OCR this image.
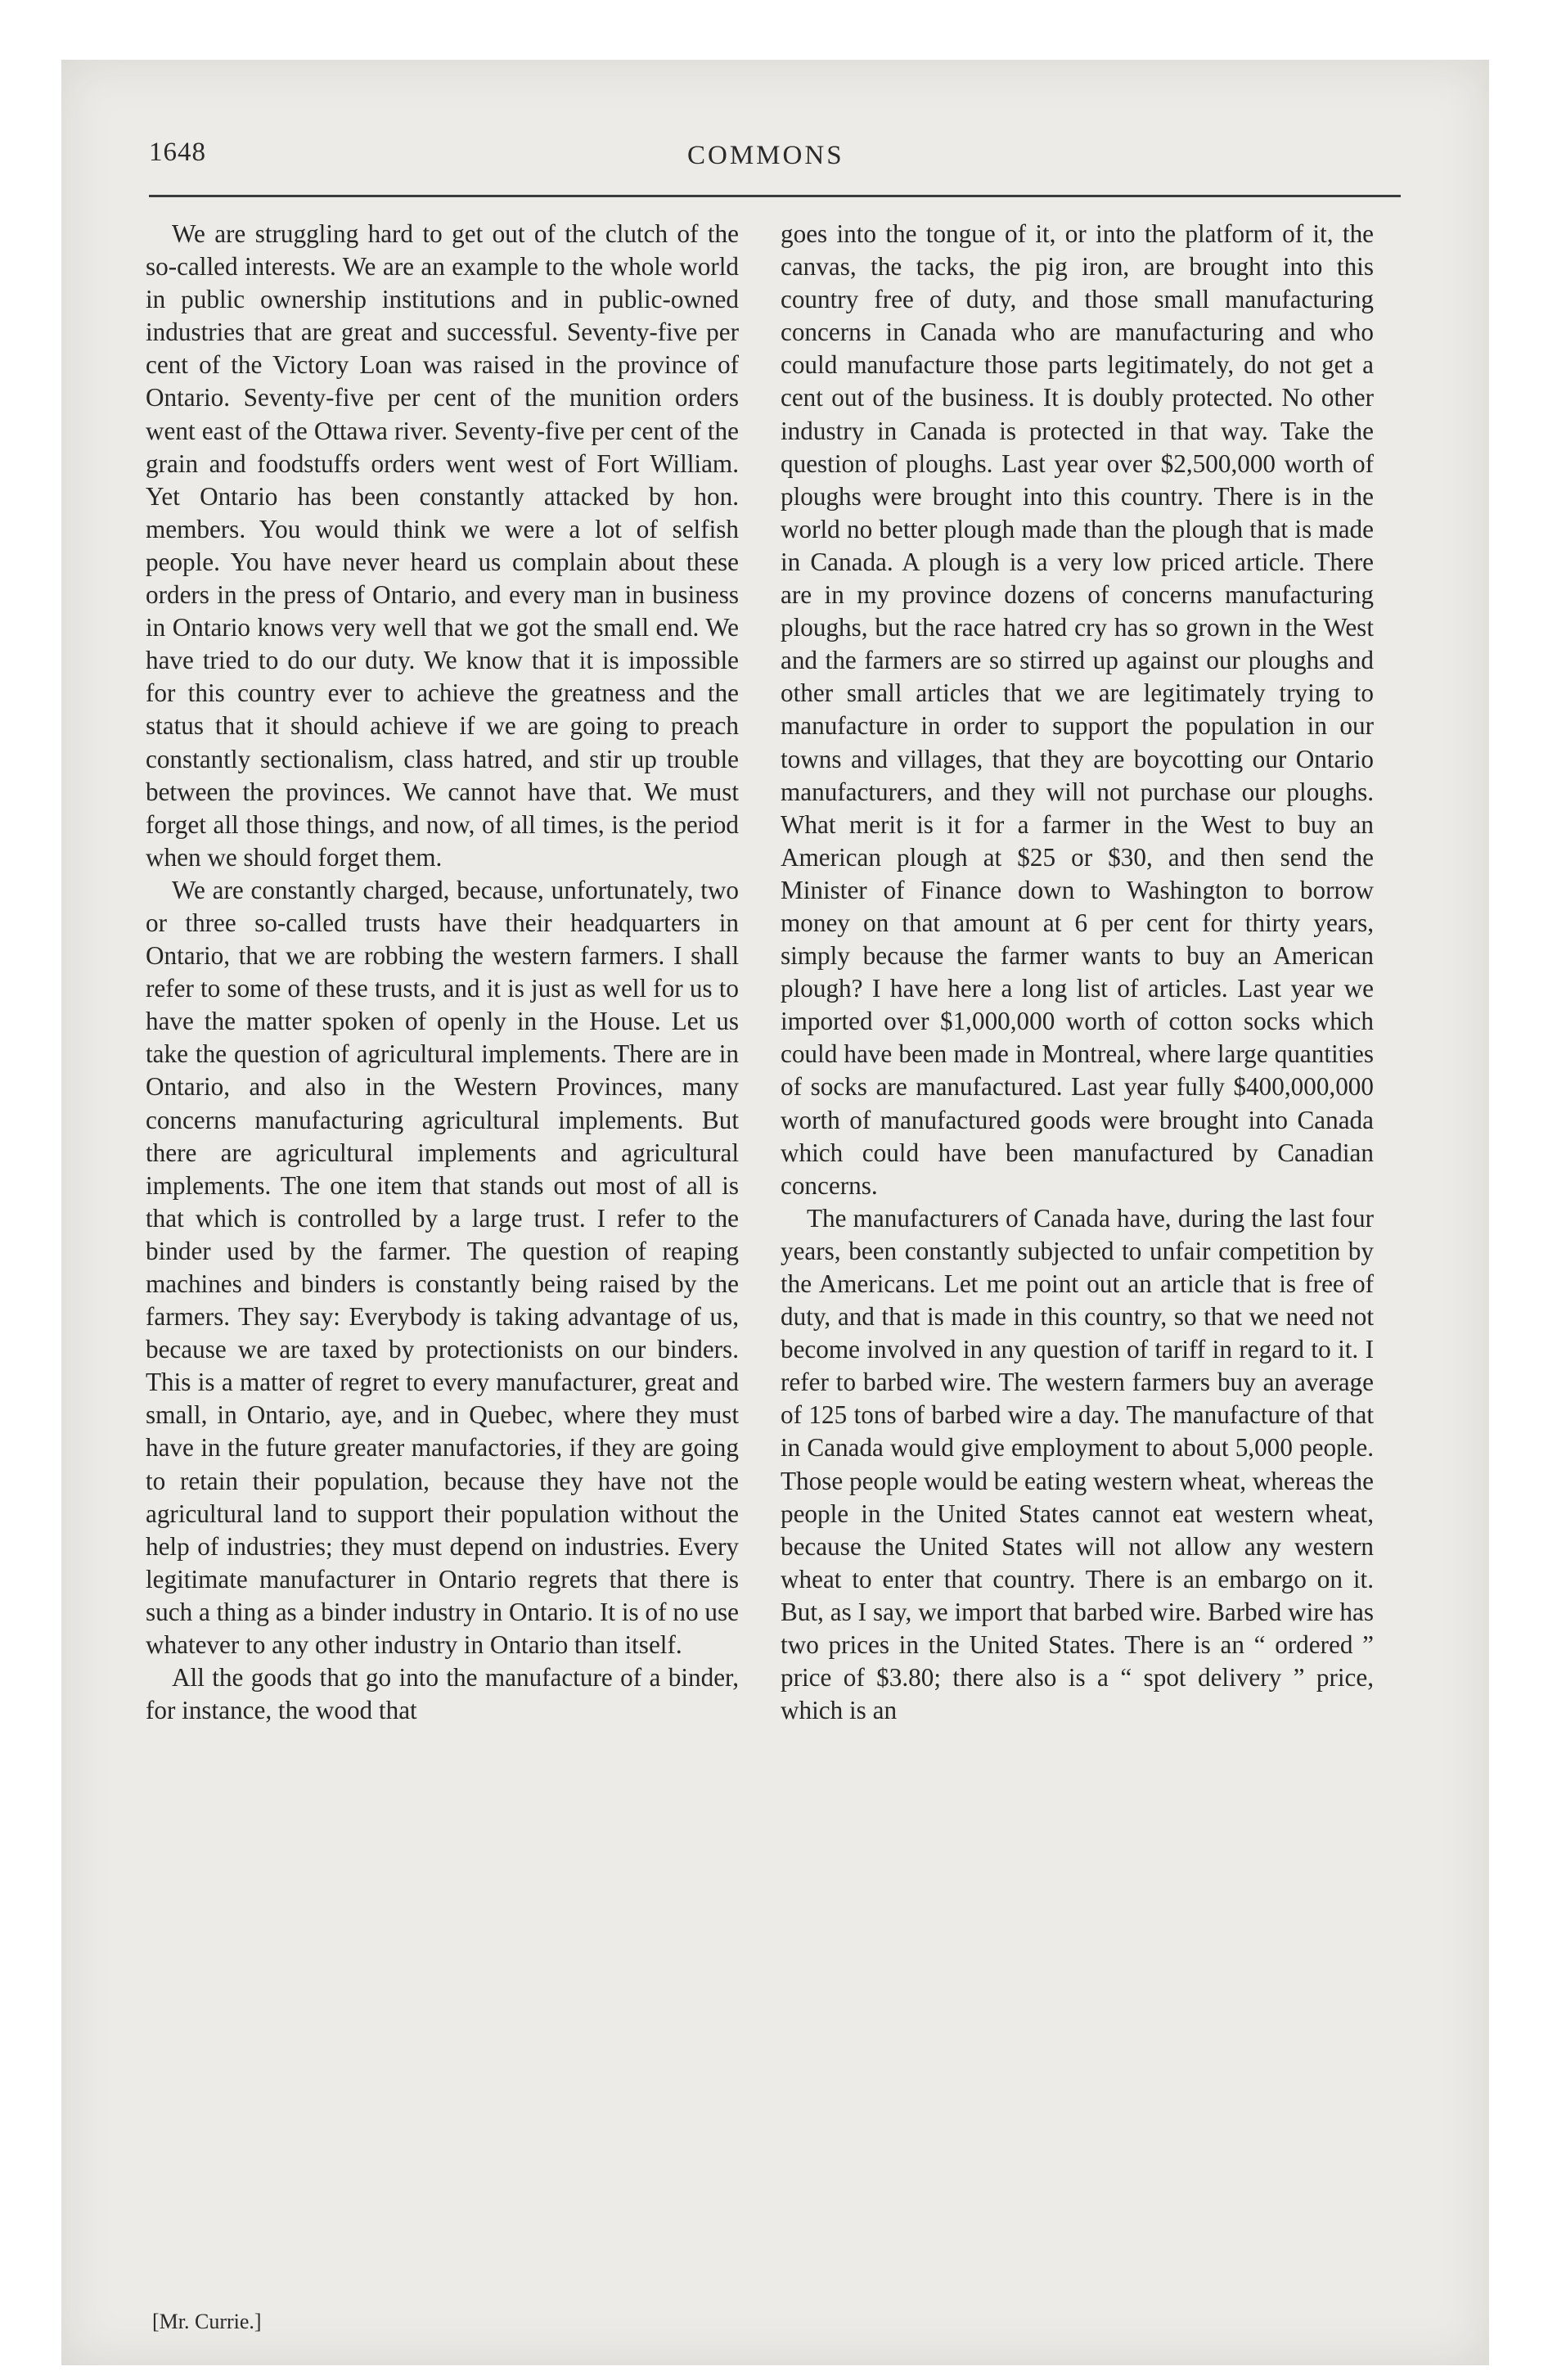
1648	COMMONS

We are struggling hard to get out of the clutch of the so-called interests. We are an example to the whole world in public ownership institutions and in public-owned industries that are great and successful. Seventy-five per cent of the Victory Loan was raised in the province of Ontario. Seventy-five per cent of the munition orders went east of the Ottawa river. Seventy-five per cent of the grain and foodstuffs orders went west of Fort William. Yet Ontario has been constantly attacked by hon. members. You would think we were a lot of selfish people. You have never heard us complain about these orders in the press of Ontario, and every man in business in Ontario knows very well that we got the small end. We have tried to do our duty. We know that it is impossible for this country ever to achieve the greatness and the status that it should achieve if we are going to preach constantly sectionalism, class hatred, and stir up trouble between the provinces. We cannot have that. We must forget all those things, and now, of all times, is the period when we should forget them.

We are constantly charged, because, unfortunately, two or three so-called trusts have their headquarters in Ontario, that we are robbing the western farmers. I shall refer to some of these trusts, and it is just as well for us to have the matter spoken of openly in the House. Let us take the question of agricultural implements. There are in Ontario, and also in the Western Provinces, many concerns manufacturing agricultural implements. But there are agricultural implements and agricultural implements. The one item that stands out most of all is that which is controlled by a large trust. I refer to the binder used by the farmer. The question of reaping machines and binders is constantly being raised by the farmers. They say: Everybody is taking advantage of us, because we are taxed by protectionists on our binders. This is a matter of regret to every manufacturer, great and small, in Ontario, aye, and in Quebec, where they must have in the future greater manufactories, if they are going to retain their population, because they have not the agricultural land to support their population without the help of industries; they must depend on industries. Every legitimate manufacturer in Ontario regrets that there is such a thing as a binder industry in Ontario. It is of no use whatever to any other industry in Ontario than itself.

All the goods that go into the manufacture of a binder, for instance, the wood that

goes into the tongue of it, or into the platform of it, the canvas, the tacks, the pig iron, are brought into this country free of duty, and those small manufacturing concerns in Canada who are manufacturing and who could manufacture those parts legitimately, do not get a cent out of the business. It is doubly protected. No other industry in Canada is protected in that way. Take the question of ploughs. Last year over $2,500,000 worth of ploughs were brought into this country. There is in the world no better plough made than the plough that is made in Canada. A plough is a very low priced article. There are in my province dozens of concerns manufacturing ploughs, but the race hatred cry has so grown in the West and the farmers are so stirred up against our ploughs and other small articles that we are legitimately trying to manufacture in order to support the population in our towns and villages, that they are boycotting our Ontario manufacturers, and they will not purchase our ploughs. What merit is it for a farmer in the West to buy an American plough at $25 or $30, and then send the Minister of Finance down to Washington to borrow money on that amount at 6 per cent for thirty years, simply because the farmer wants to buy an American plough? I have here a long list of articles. Last year we imported over $1,000,000 worth of cotton socks which could have been made in Montreal, where large quantities of socks are manufactured. Last year fully $400,000,000 worth of manufactured goods were brought into Canada which could have been manufactured by Canadian concerns.

The manufacturers of Canada have, during the last four years, been constantly subjected to unfair competition by the Americans. Let me point out an article that is free of duty, and that is made in this country, so that we need not become involved in any question of tariff in regard to it. I refer to barbed wire. The western farmers buy an average of 125 tons of barbed wire a day. The manufacture of that in Canada would give employment to about 5,000 people. Those people would be eating western wheat, whereas the people in the United States cannot eat western wheat, because the United States will not allow any western wheat to enter that country. There is an embargo on it. But, as I say, we import that barbed wire. Barbed wire has two prices in the United States. There is an “ ordered ” price of $3.80; there also is a “ spot delivery ” price, which is an

[Mr. Currie.]
